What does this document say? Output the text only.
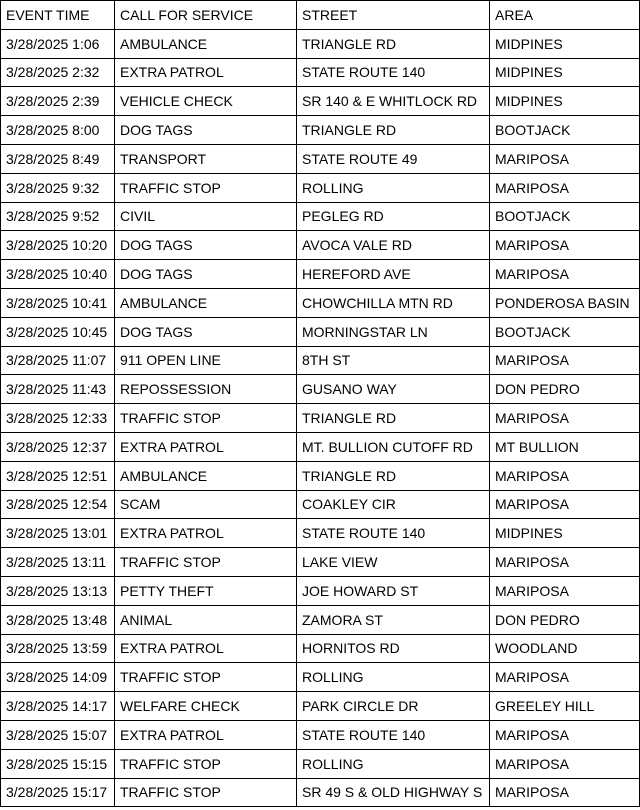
EVENT TIME	CALL FOR SERVICE	STREET	AREA
3/28/2025 1:06	AMBULANCE	TRIANGLE RD	MIDPINES
3/28/2025 2:32	EXTRA PATROL	STATE ROUTE 140	MIDPINES
3/28/2025 2:39	VEHICLE CHECK	SR 140 & E WHITLOCK RD	MIDPINES
3/28/2025 8:00	DOG TAGS	TRIANGLE RD	BOOTJACK
3/28/2025 8:49	TRANSPORT	STATE ROUTE 49	MARIPOSA
3/28/2025 9:32	TRAFFIC STOP	ROLLING	MARIPOSA
3/28/2025 9:52	CIVIL	PEGLEG RD	BOOTJACK
3/28/2025 10:20	DOG TAGS	AVOCA VALE RD	MARIPOSA
3/28/2025 10:40	DOG TAGS	HEREFORD AVE	MARIPOSA
3/28/2025 10:41	AMBULANCE	CHOWCHILLA MTN RD	PONDEROSA BASIN
3/28/2025 10:45	DOG TAGS	MORNINGSTAR LN	BOOTJACK
3/28/2025 11:07	911 OPEN LINE	8TH ST	MARIPOSA
3/28/2025 11:43	REPOSSESSION	GUSANO WAY	DON PEDRO
3/28/2025 12:33	TRAFFIC STOP	TRIANGLE RD	MARIPOSA
3/28/2025 12:37	EXTRA PATROL	MT. BULLION CUTOFF RD	MT BULLION
3/28/2025 12:51	AMBULANCE	TRIANGLE RD	MARIPOSA
3/28/2025 12:54	SCAM	COAKLEY CIR	MARIPOSA
3/28/2025 13:01	EXTRA PATROL	STATE ROUTE 140	MIDPINES
3/28/2025 13:11	TRAFFIC STOP	LAKE VIEW	MARIPOSA
3/28/2025 13:13	PETTY THEFT	JOE HOWARD ST	MARIPOSA
3/28/2025 13:48	ANIMAL	ZAMORA ST	DON PEDRO
3/28/2025 13:59	EXTRA PATROL	HORNITOS RD	WOODLAND
3/28/2025 14:09	TRAFFIC STOP	ROLLING	MARIPOSA
3/28/2025 14:17	WELFARE CHECK	PARK CIRCLE DR	GREELEY HILL
3/28/2025 15:07	EXTRA PATROL	STATE ROUTE 140	MARIPOSA
3/28/2025 15:15	TRAFFIC STOP	ROLLING	MARIPOSA
3/28/2025 15:17	TRAFFIC STOP	SR 49 S & OLD HIGHWAY S	MARIPOSA
